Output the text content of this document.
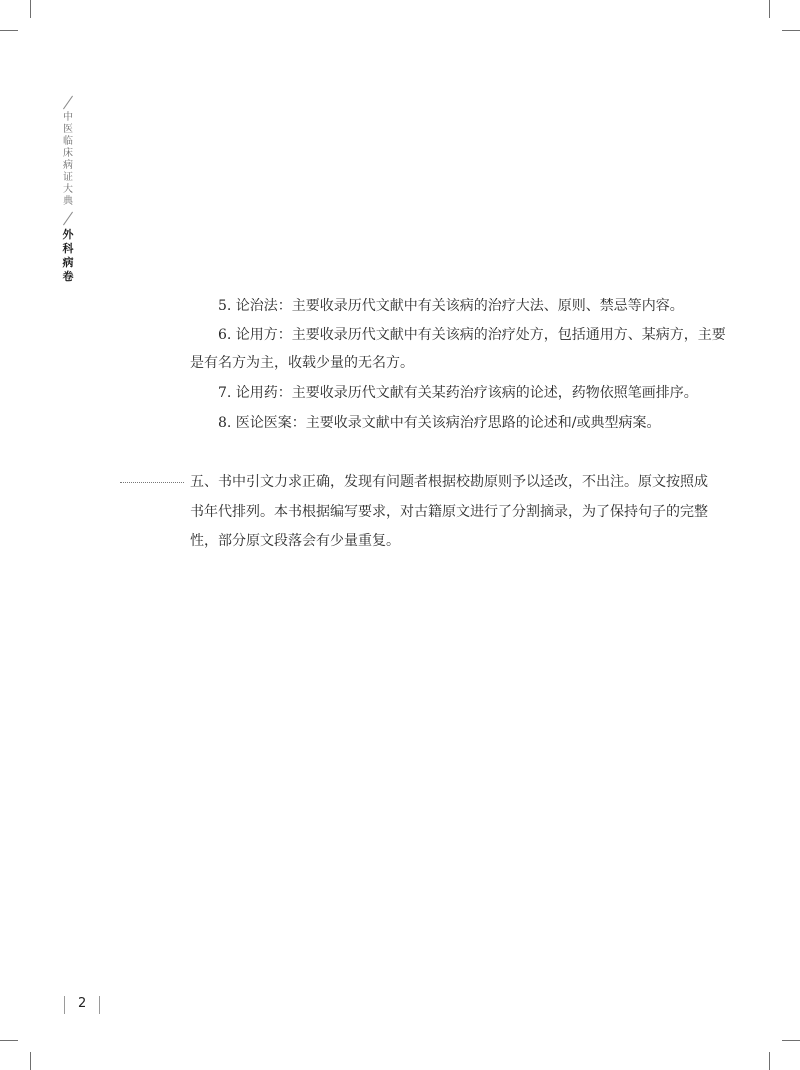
中
医
临
床
病
证
大
典
外
科
病
卷

5. 论治法：主要收录历代文献中有关该病的治疗大法、原则、禁忌等内容。

6. 论用方：主要收录历代文献中有关该病的治疗处方，包括通用方、某病方，主要

是有名方为主，收载少量的无名方。

7. 论用药：主要收录历代文献有关某药治疗该病的论述，药物依照笔画排序。

8. 医论医案：主要收录文献中有关该病治疗思路的论述和/或典型病案。

五、书中引文力求正确，发现有问题者根据校勘原则予以迳改，不出注。原文按照成

书年代排列。本书根据编写要求，对古籍原文进行了分割摘录，为了保持句子的完整

性，部分原文段落会有少量重复。

2
